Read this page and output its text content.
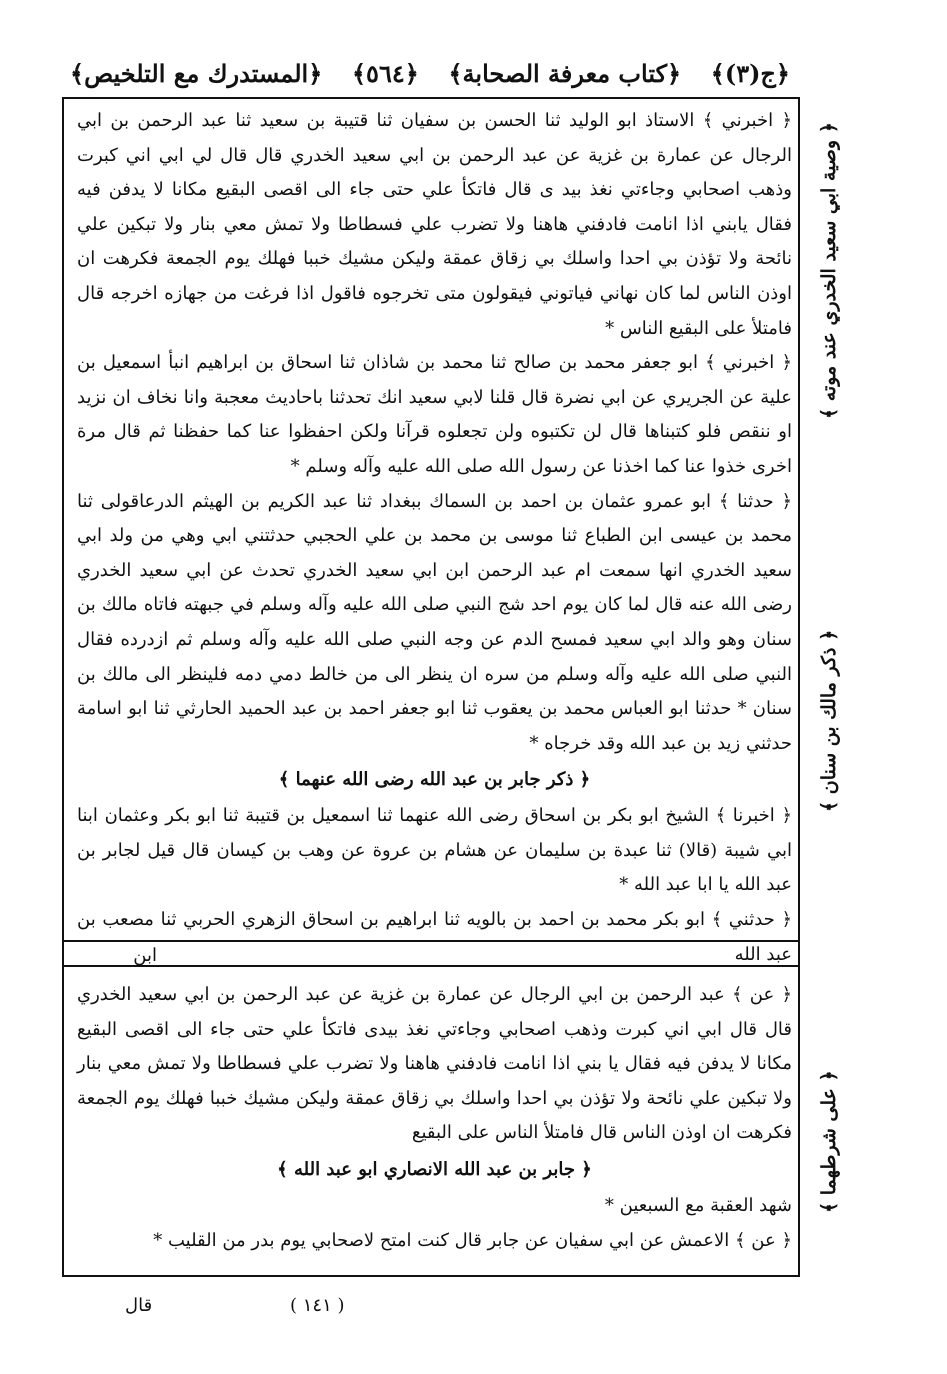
﴿المستدرك مع التلخيص﴾ ﴿٥٦٤﴾ ﴿كتاب معرفة الصحابة﴾ ﴿ج(٣)﴾

﴿ اخبرني ﴾ الاستاذ ابو الوليد ثنا الحسن بن سفيان ثنا قتيبة بن سعيد ثنا عبد الرحمن بن ابي الرجال عن عمارة بن غزية عن عبد الرحمن بن ابي سعيد الخدري قال قال لي ابي اني كبرت وذهب اصحابي وجاءتي نغذ بيد ى قال فاتكأ علي حتى جاء الى اقصى البقيع مكانا لا يدفن فيه فقال يابني اذا انامت فادفني هاهنا ولا تضرب علي فسطاطا ولا تمش معي بنار ولا تبكين علي نائحة ولا تؤذن بي احدا واسلك بي زقاق عمقة وليكن مشيك خببا فهلك يوم الجمعة فكرهت ان اوذن الناس لما كان نهاني فياتوني فيقولون متى تخرجوه فاقول اذا فرغت من جهازه اخرجه قال فامتلأ على البقيع الناس *

﴿ اخبرني ﴾ ابو جعفر محمد بن صالح ثنا محمد بن شاذان ثنا اسحاق بن ابراهيم انبأ اسمعيل بن علية عن الجريري عن ابي نضرة قال قلنا لابي سعيد انك تحدثنا باحاديث معجبة وانا نخاف ان نزيد او ننقص فلو كتبناها قال لن تكتبوه ولن تجعلوه قرآنا ولكن احفظوا عنا كما حفظنا ثم قال مرة اخرى خذوا عنا كما اخذنا عن رسول الله صلى الله عليه وآله وسلم *

﴿ حدثنا ﴾ ابو عمرو عثمان بن احمد بن السماك ببغداد ثنا عبد الكريم بن الهيثم الدرعاقولى ثنا محمد بن عيسى ابن الطباع ثنا موسى بن محمد بن علي الحجبي حدثتني ابي وهي من ولد ابي سعيد الخدري انها سمعت ام عبد الرحمن ابن ابي سعيد الخدري تحدث عن ابي سعيد الخدري رضى الله عنه قال لما كان يوم احد شج النبي صلى الله عليه وآله وسلم في جبهته فاتاه مالك بن سنان وهو والد ابي سعيد فمسح الدم عن وجه النبي صلى الله عليه وآله وسلم ثم ازدرده فقال النبي صلى الله عليه وآله وسلم من سره ان ينظر الى من خالط دمي دمه فلينظر الى مالك بن سنان * حدثنا ابو العباس محمد بن يعقوب ثنا ابو جعفر احمد بن عبد الحميد الحارثي ثنا ابو اسامة حدثني زيد بن عبد الله وقد خرجاه *

﴿ ذكر جابر بن عبد الله رضى الله عنهما ﴾

﴿ اخبرنا ﴾ الشيخ ابو بكر بن اسحاق رضى الله عنهما ثنا اسمعيل بن قتيبة ثنا ابو بكر وعثمان ابنا ابي شيبة (قالا) ثنا عبدة بن سليمان عن هشام بن عروة عن وهب بن كيسان قال قيل لجابر بن عبد الله يا ابا عبد الله *

﴿ حدثني ﴾ ابو بكر محمد بن احمد بن بالويه ثنا ابراهيم بن اسحاق الزهري الحربي ثنا مصعب بن عبد الله

ابن

﴿ عن ﴾ عبد الرحمن بن ابي الرجال عن عمارة بن غزية عن عبد الرحمن بن ابي سعيد الخدري قال قال ابي اني كبرت وذهب اصحابي وجاءتي نغذ بيدى فاتكأ علي حتى جاء الى اقصى البقيع مكانا لا يدفن فيه فقال يا بني اذا انامت فادفني هاهنا ولا تضرب علي فسطاطا ولا تمش معي بنار ولا تبكين علي نائحة ولا تؤذن بي احدا واسلك بي زقاق عمقة وليكن مشيك خببا فهلك يوم الجمعة فكرهت ان اوذن الناس قال فامتلأ الناس على البقيع

﴿ جابر بن عبد الله الانصاري ابو عبد الله ﴾

شهد العقبة مع السبعين *

﴿ عن ﴾ الاعمش عن ابي سفيان عن جابر قال كنت امتح لاصحابي يوم بدر من القليب *

﴿ وصية ابي سعيد الخدري عند موته ﴾
﴿ ذكر مالك بن سنان ﴾
﴿ على شرطهما ﴾
( ١٤١ )
قال
